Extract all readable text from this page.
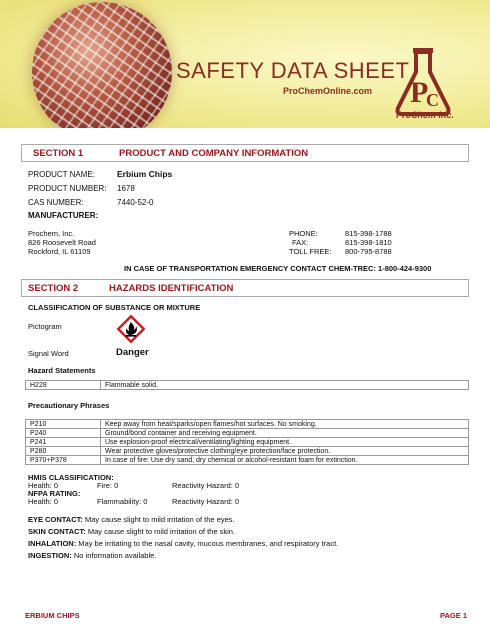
SAFETY DATA SHEET
ProChemOnline.com P
C
ProChem inc.
SECTION 1	PRODUCT AND COMPANY INFORMATION
PRODUCT NAME:	Erbium Chips
PRODUCT NUMBER: 1678
CAS NUMBER:	7440-52-0
MANUFACTURER:
Prochem, Inc.
826 Roosevelt Road
Rockford, IL 61109
PHONE:	815-398-1788
FAX:	815-398-1810
TOLL FREE: 800-795-8788
IN CASE OF TRANSPORTATION EMERGENCY CONTACT CHEM-TREC: 1-800-424-9300
SECTION 2	HAZARDS IDENTIFICATION
CLASSIFICATION OF SUBSTANCE OR MIXTURE
Pictogram
Signal Word	Danger
Hazard Statements
H228	Flammable solid.
Precautionary Phrases
P210	Keep away from heat/sparks/open flames/hot surfaces. No smoking.
P240	Ground/bond container and receiving equipment.
P241	Use explosion-proof electrical/ventilating/lighting equipment.
P280	Wear protective gloves/protective clothing/eye protection/face protection.
P370+P378	In case of fire: Use dry sand, dry chemical or alcohol-resistant foam for extinction.
HMIS CLASSIFICATION:
Health: 0	Fire: 0	Reactivity Hazard: 0
NFPA RATING:
Health: 0	Flammability: 0	Reactivity Hazard: 0
EYE CONTACT: May cause slight to mild irritation of the eyes.
SKIN CONTACT: May cause slight to mild irritation of the skin.
INHALATION: May be irritating to the nasal cavity, mucous membranes, and respiratory tract.
INGESTION: No information available.
ERBIUM CHIPS	PAGE 1
